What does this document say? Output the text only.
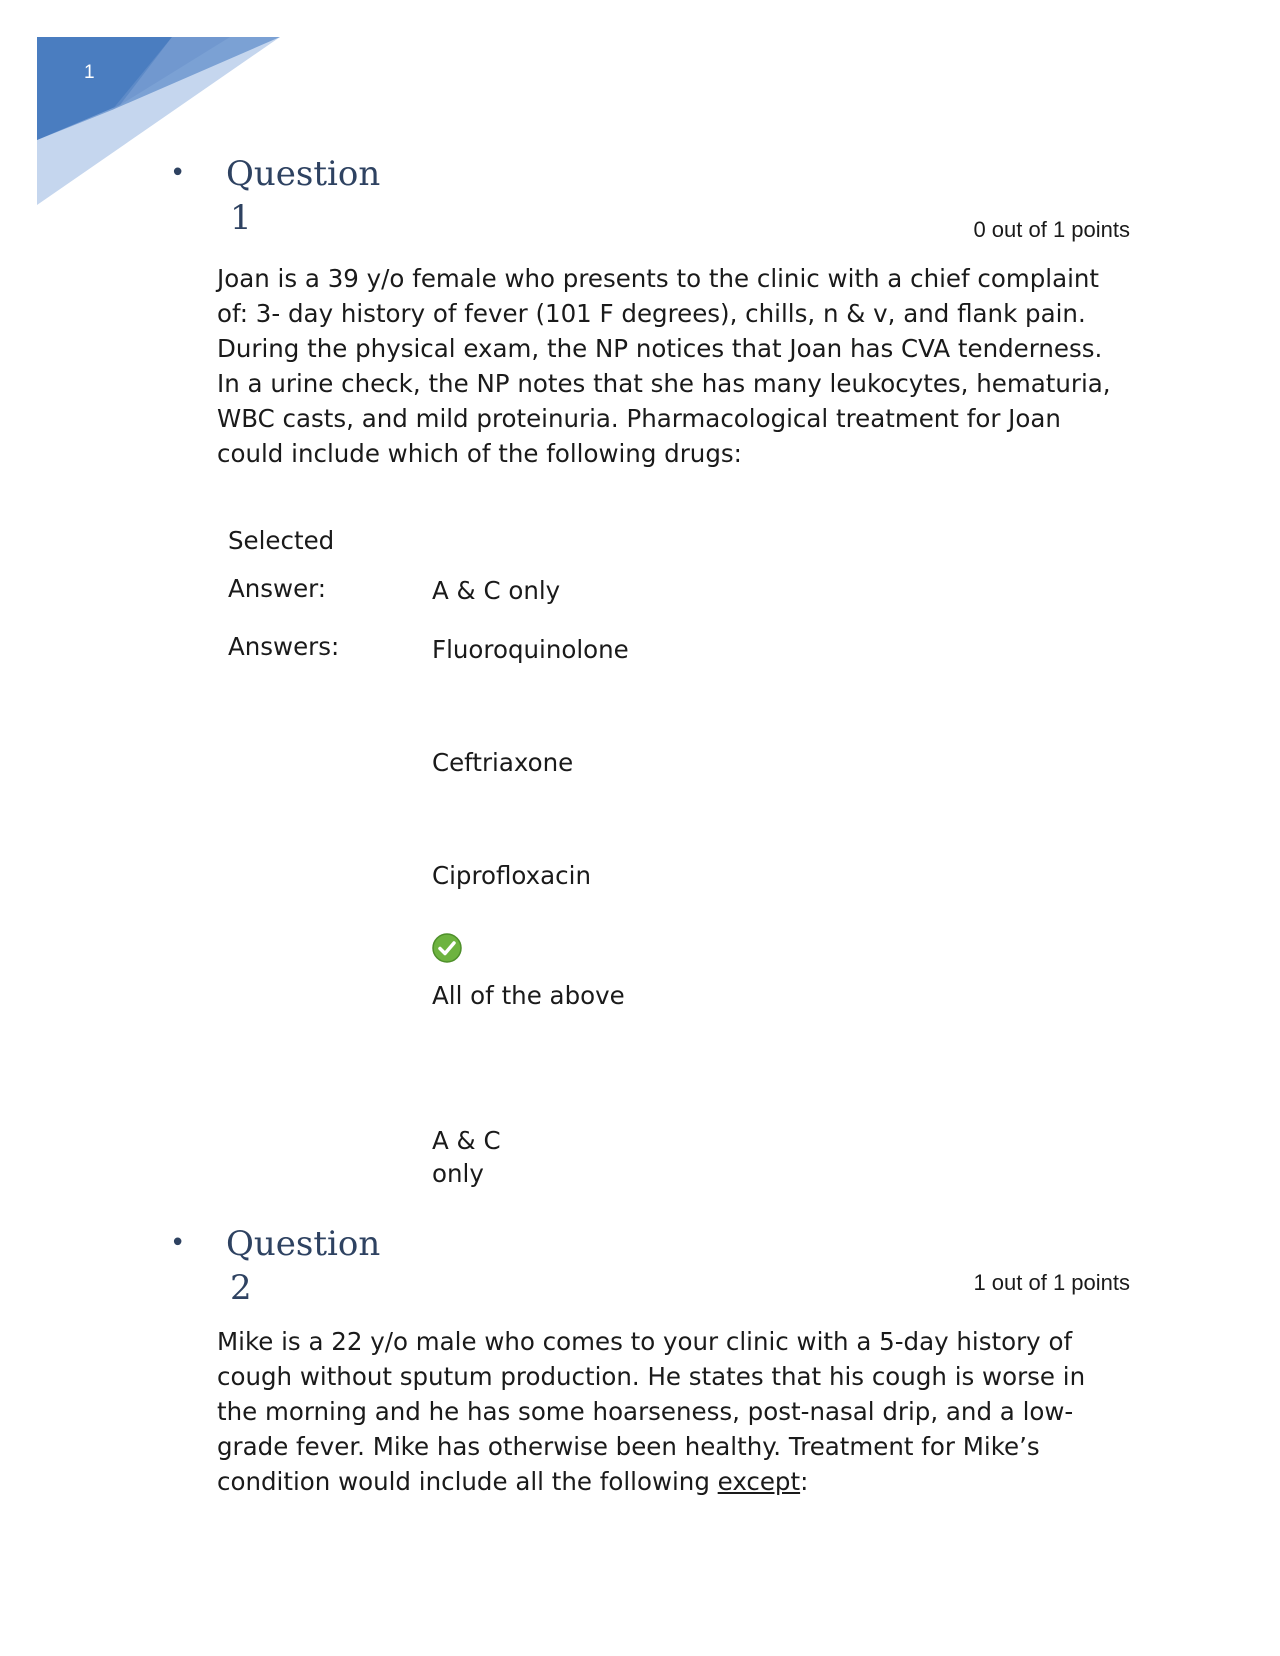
1
• Question
1	0 out of 1 points
Joan is a 39 y/o female who presents to the clinic with a chief complaint of: 3- day history of fever (101 F degrees), chills, n & v, and flank pain. During the physical exam, the NP notices that Joan has CVA tenderness. In a urine check, the NP notes that she has many leukocytes, hematuria, WBC casts, and mild proteinuria. Pharmacological treatment for Joan could include which of the following drugs:
Selected
Answer:	A & C only
Answers:	Fluoroquinolone
Ceftriaxone
Ciprofloxacin
All of the above
A & C only
• Question
2	1 out of 1 points
Mike is a 22 y/o male who comes to your clinic with a 5-day history of cough without sputum production. He states that his cough is worse in the morning and he has some hoarseness, post-nasal drip, and a low-grade fever. Mike has otherwise been healthy. Treatment for Mike’s condition would include all the following except:
